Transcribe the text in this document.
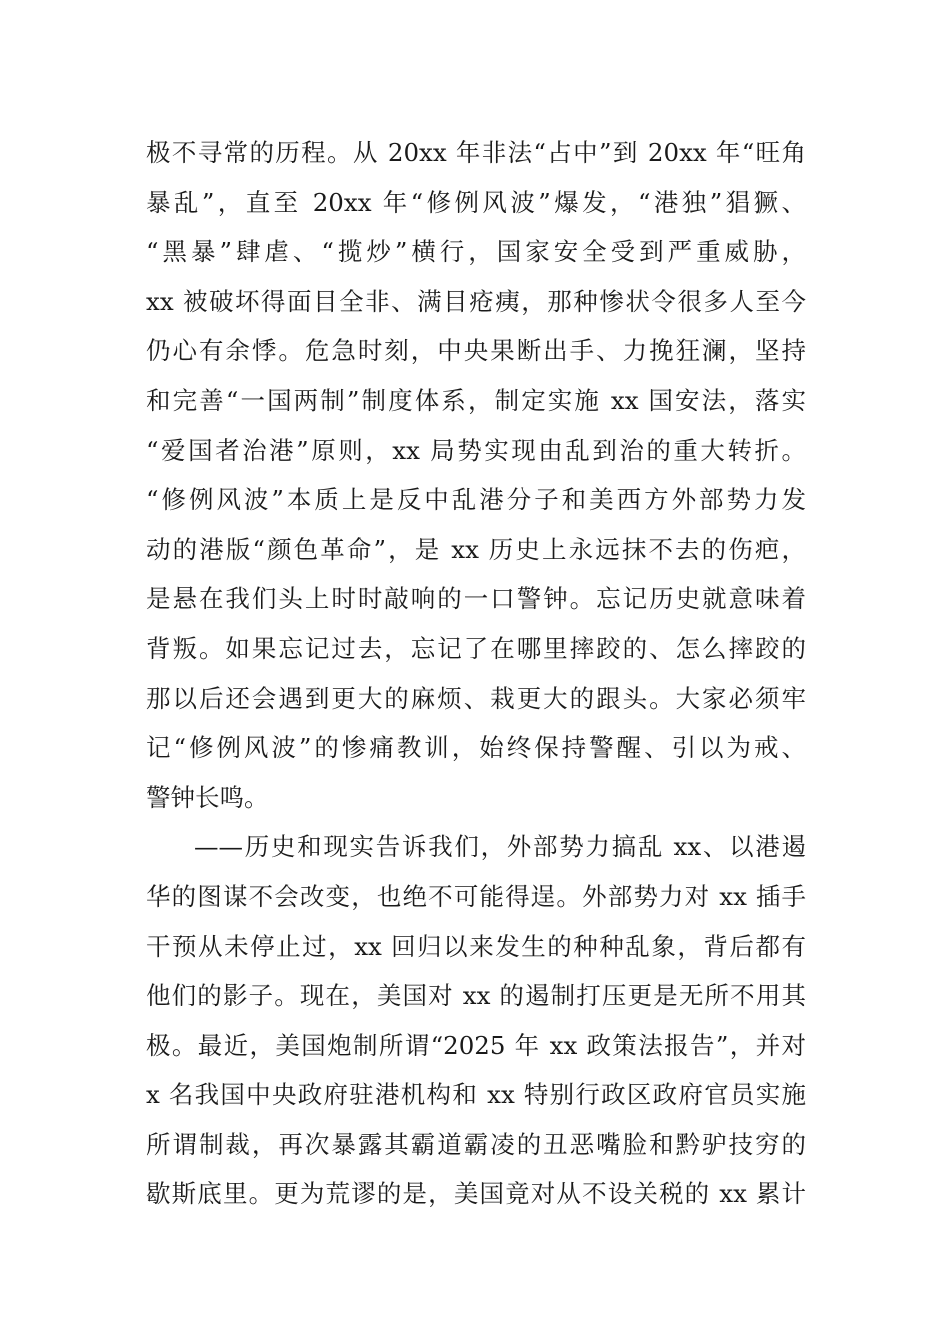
极不寻常的历程。从 20xx 年非法“占中”到 20xx 年“旺角
暴乱”，直至 20xx 年“修例风波”爆发，“港独”猖獗、
“黑暴”肆虐、“揽炒”横行，国家安全受到严重威胁，
xx 被破坏得面目全非、满目疮痍，那种惨状令很多人至今
仍心有余悸。危急时刻，中央果断出手、力挽狂澜，坚持
和完善“一国两制”制度体系，制定实施 xx 国安法，落实
“爱国者治港”原则，xx 局势实现由乱到治的重大转折。
“修例风波”本质上是反中乱港分子和美西方外部势力发
动的港版“颜色革命”，是 xx 历史上永远抹不去的伤疤，
是悬在我们头上时时敲响的一口警钟。忘记历史就意味着
背叛。如果忘记过去，忘记了在哪里摔跤的、怎么摔跤的
那以后还会遇到更大的麻烦、栽更大的跟头。大家必须牢
记“修例风波”的惨痛教训，始终保持警醒、引以为戒、
警钟长鸣。
——历史和现实告诉我们，外部势力搞乱 xx、以港遏
华的图谋不会改变，也绝不可能得逞。外部势力对 xx 插手
干预从未停止过，xx 回归以来发生的种种乱象，背后都有
他们的影子。现在，美国对 xx 的遏制打压更是无所不用其
极。最近，美国炮制所谓“2025 年 xx 政策法报告”，并对
x 名我国中央政府驻港机构和 xx 特别行政区政府官员实施
所谓制裁，再次暴露其霸道霸凌的丑恶嘴脸和黔驴技穷的
歇斯底里。更为荒谬的是，美国竟对从不设关税的 xx 累计
